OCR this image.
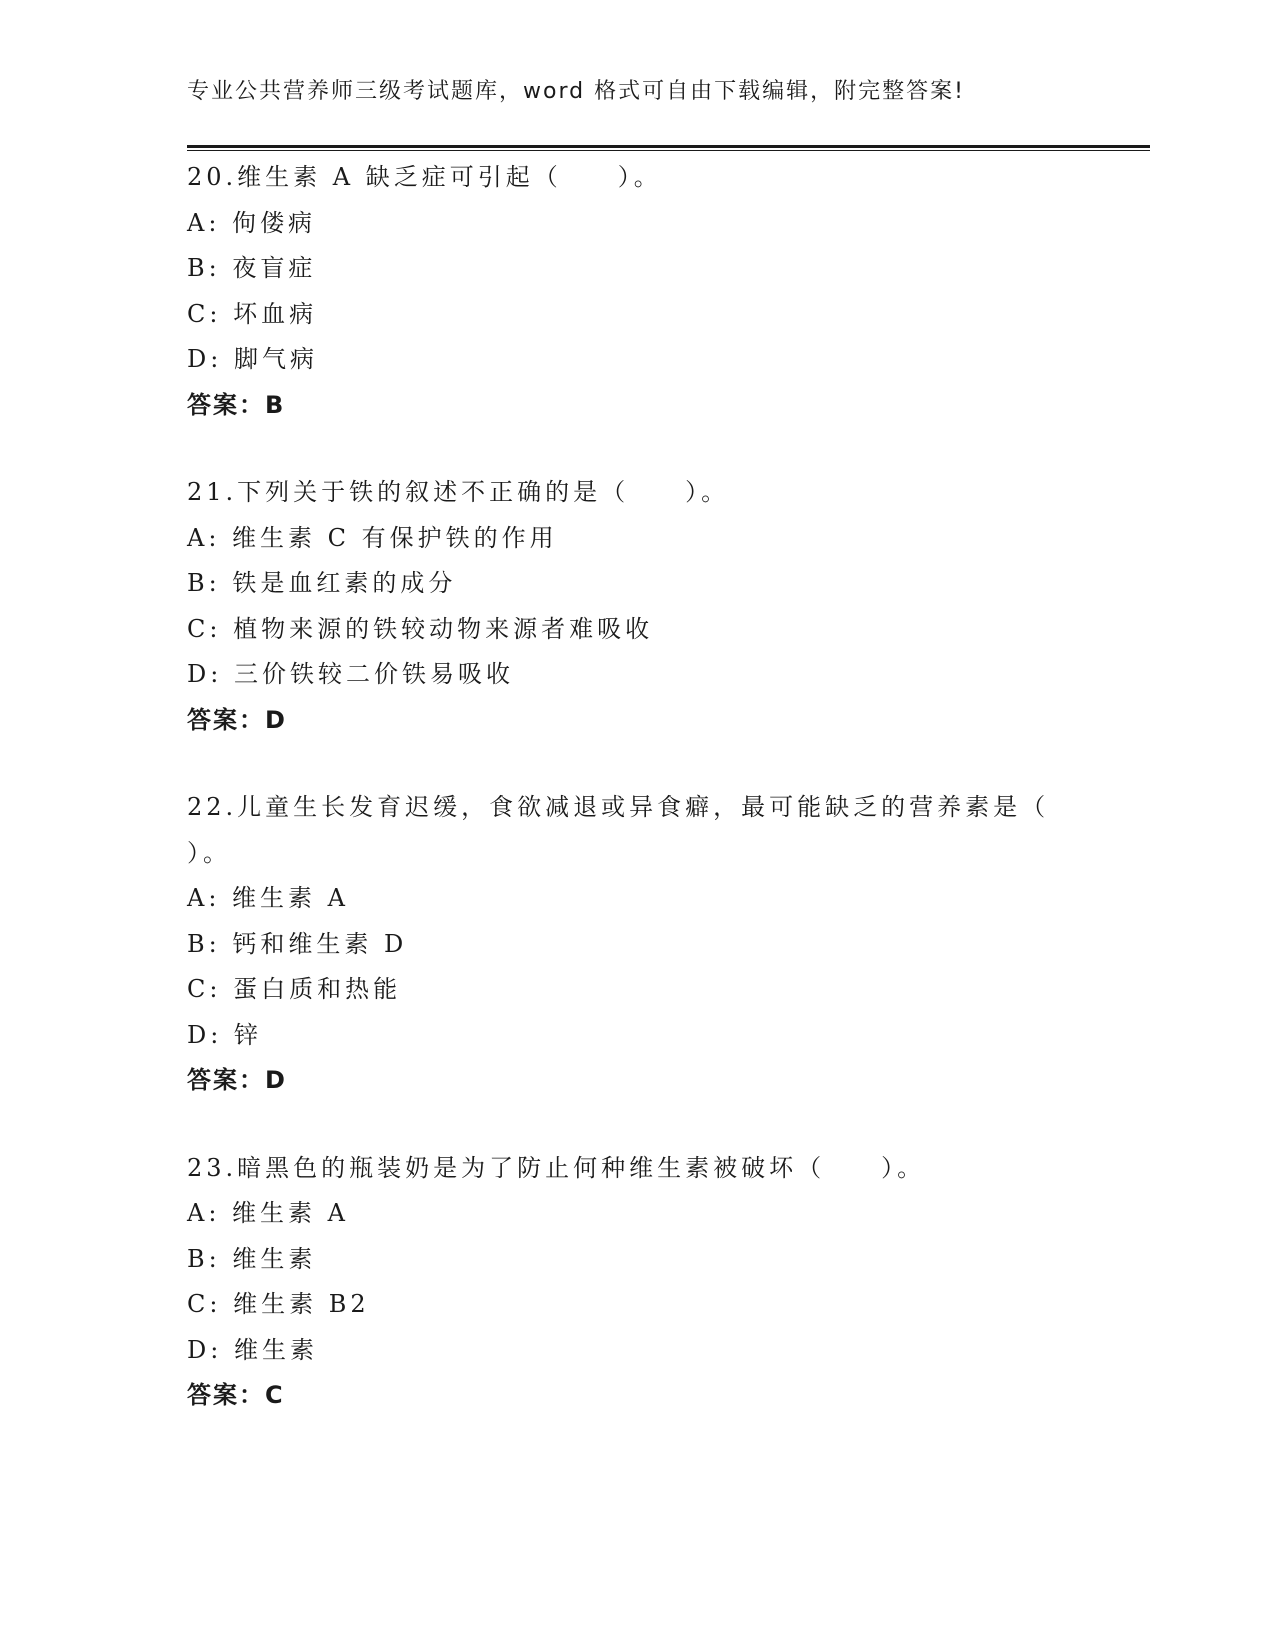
专业公共营养师三级考试题库，word 格式可自由下载编辑，附完整答案!
20.维生素 A 缺乏症可引起（　　）。
A: 佝偻病
B: 夜盲症
C: 坏血病
D: 脚气病
答案：B
21.下列关于铁的叙述不正确的是（　　）。
A: 维生素 C 有保护铁的作用
B: 铁是血红素的成分
C: 植物来源的铁较动物来源者难吸收
D: 三价铁较二价铁易吸收
答案：D
22.儿童生长发育迟缓，食欲减退或异食癖，最可能缺乏的营养素是（　　）。
A: 维生素 A
B: 钙和维生素 D
C: 蛋白质和热能
D: 锌
答案：D
23.暗黑色的瓶装奶是为了防止何种维生素被破坏（　　）。
A: 维生素 A
B: 维生素
C: 维生素 B2
D: 维生素
答案：C
